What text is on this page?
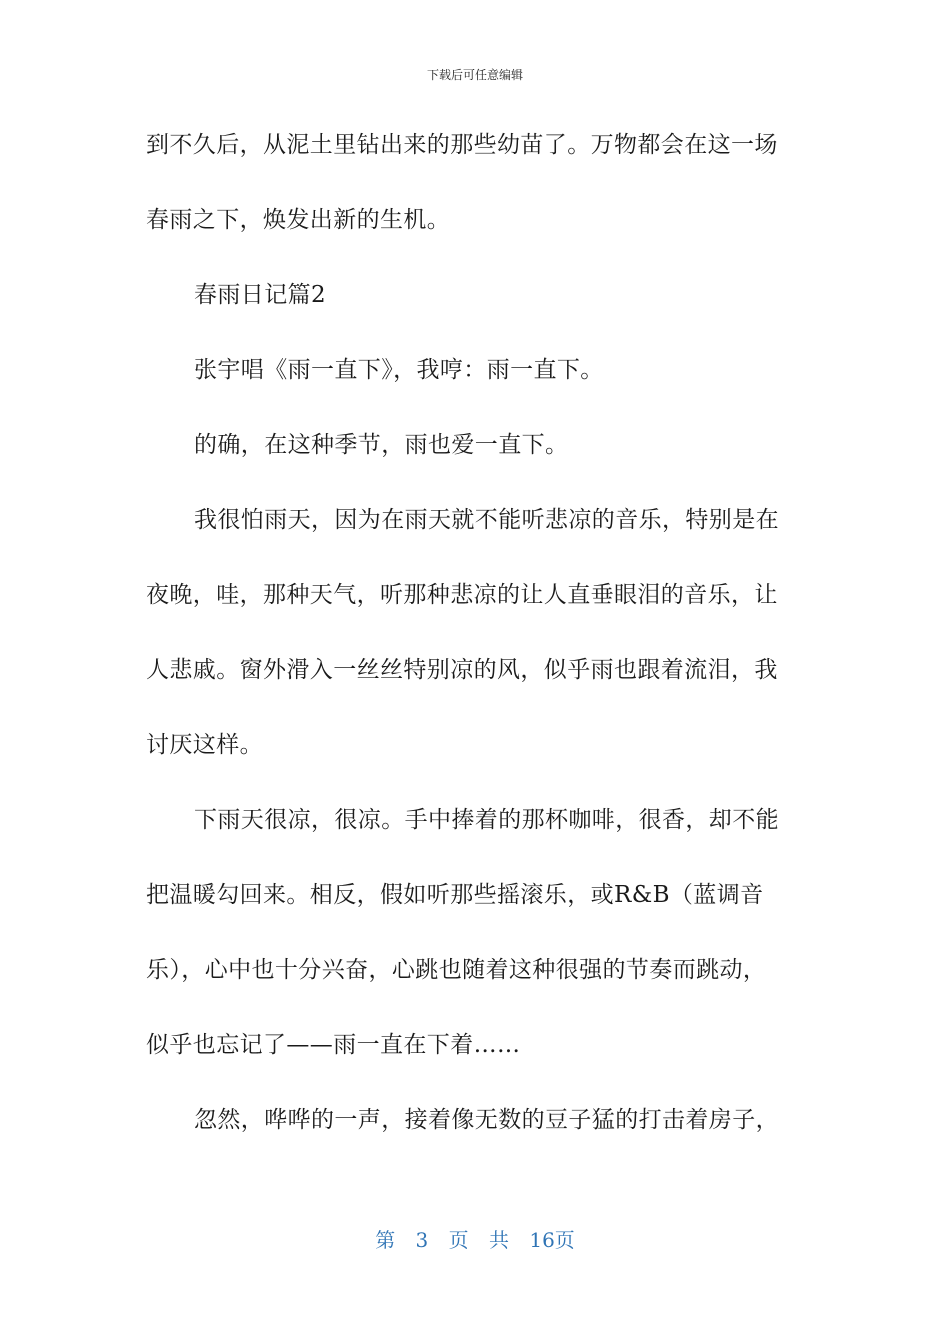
下载后可任意编辑
到不久后，从泥土里钻出来的那些幼苗了。万物都会在这一场
春雨之下，焕发出新的生机。
春雨日记篇2
张宇唱《雨一直下》，我哼：雨一直下。
的确，在这种季节，雨也爱一直下。
我很怕雨天，因为在雨天就不能听悲凉的音乐，特别是在
夜晚，哇，那种天气，听那种悲凉的让人直垂眼泪的音乐，让
人悲戚。窗外滑入一丝丝特别凉的风，似乎雨也跟着流泪，我
讨厌这样。
下雨天很凉，很凉。手中捧着的那杯咖啡，很香，却不能
把温暖勾回来。相反，假如听那些摇滚乐，或R&B（蓝调音
乐），心中也十分兴奋，心跳也随着这种很强的节奏而跳动，
似乎也忘记了——雨一直在下着……
忽然，哗哗的一声，接着像无数的豆子猛的打击着房子，
第 3 页 共 16页
